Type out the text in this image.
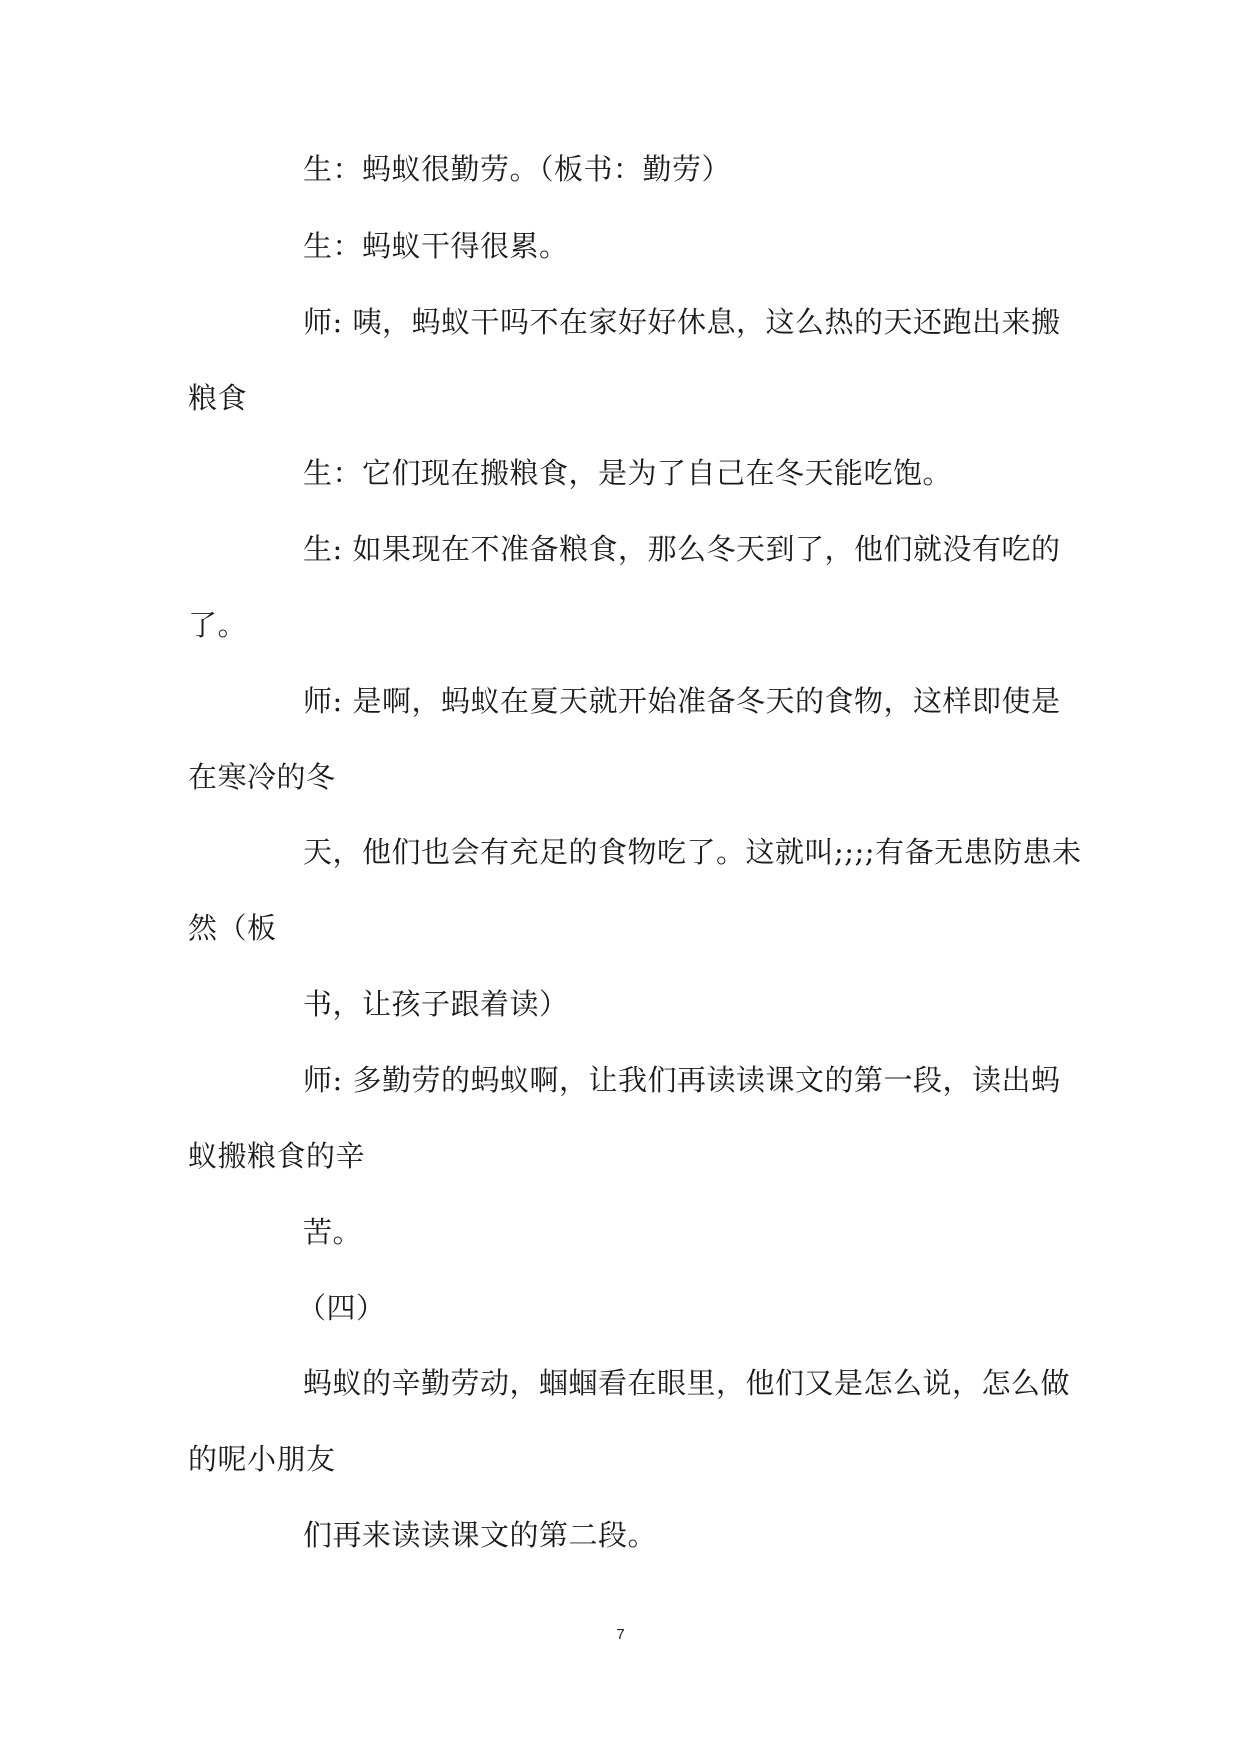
生：蚂蚁很勤劳。（板书：勤劳）
生：蚂蚁干得很累。
师: 咦，蚂蚁干吗不在家好好休息，这么热的天还跑出来搬
粮食
生：它们现在搬粮食，是为了自己在冬天能吃饱。
生: 如果现在不准备粮食，那么冬天到了，他们就没有吃的
了。
师: 是啊，蚂蚁在夏天就开始准备冬天的食物，这样即使是
在寒冷的冬
天，他们也会有充足的食物吃了。这就叫;;;;有备无患防患未
然（板
书，让孩子跟着读）
师: 多勤劳的蚂蚁啊，让我们再读读课文的第一段，读出蚂
蚁搬粮食的辛
苦。
（四）
蚂蚁的辛勤劳动，蝈蝈看在眼里，他们又是怎么说，怎么做
的呢小朋友
们再来读读课文的第二段。
7
